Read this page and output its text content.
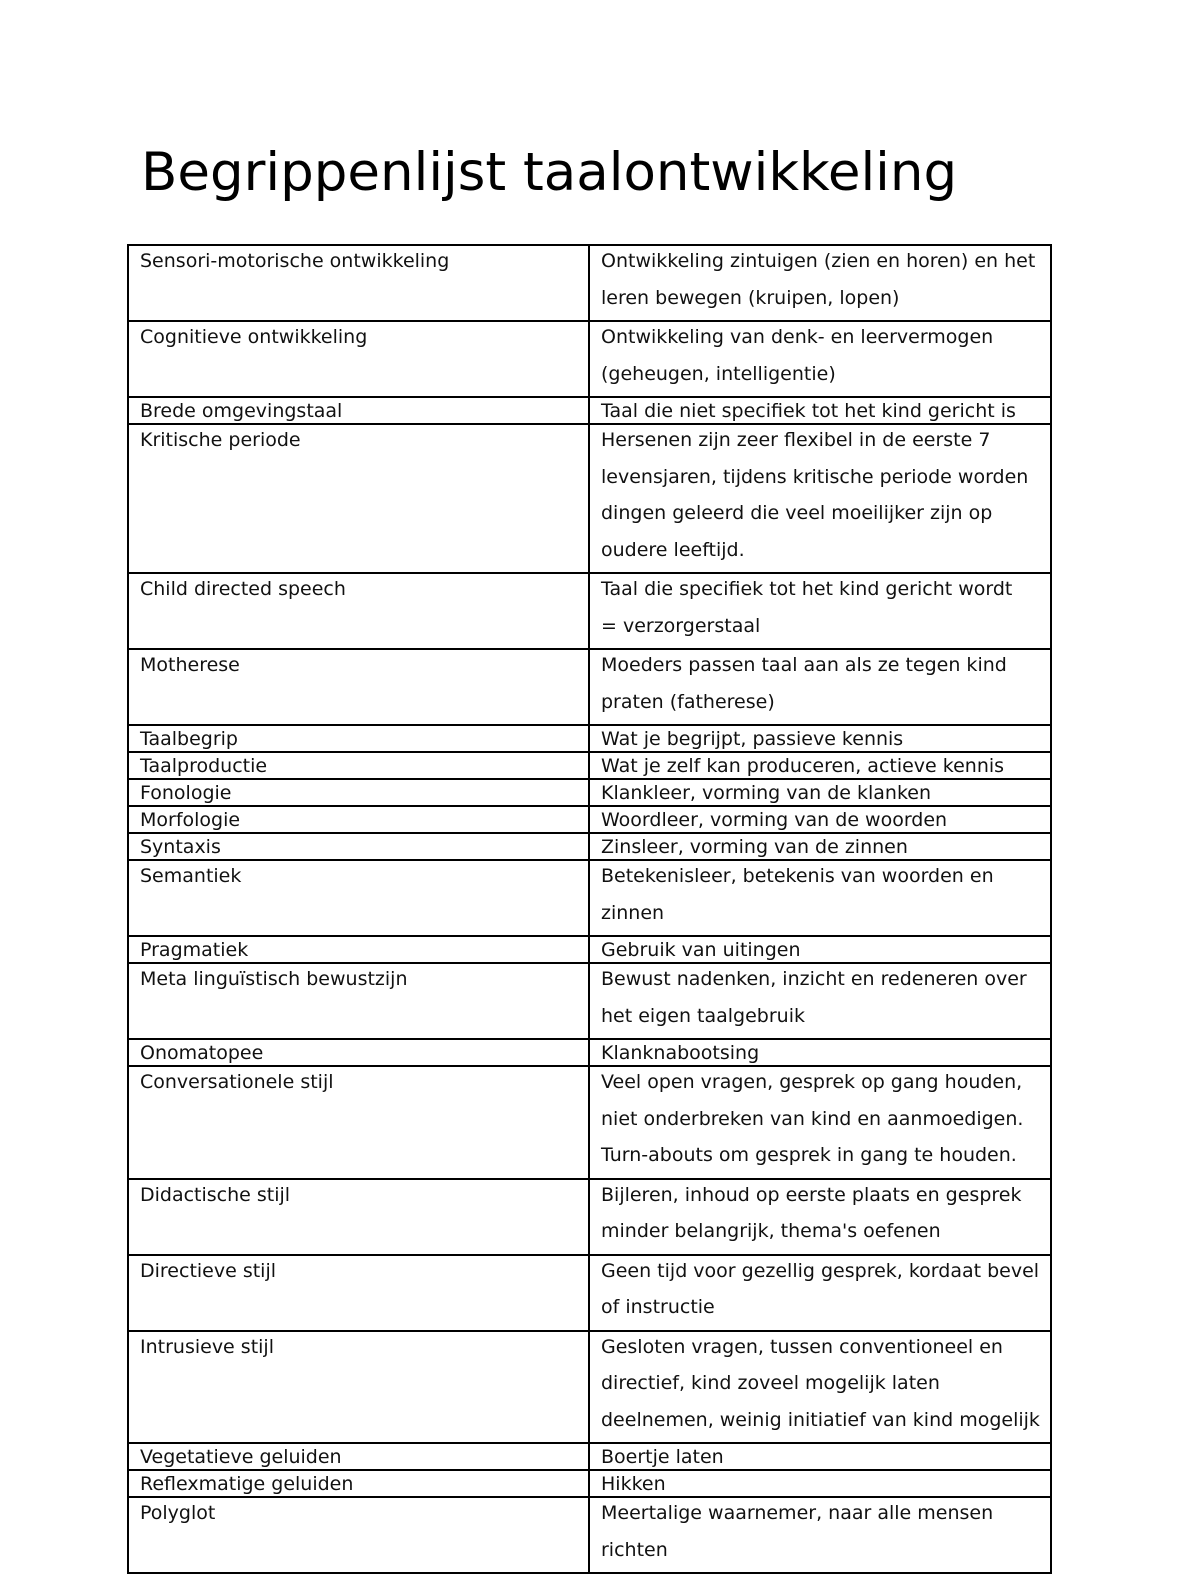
Begrippenlijst taalontwikkeling
Sensori-motorische ontwikkeling	Ontwikkeling zintuigen (zien en horen) en het
leren bewegen (kruipen, lopen)

Cognitieve ontwikkeling	Ontwikkeling van denk- en leervermogen
(geheugen, intelligentie)

Brede omgevingstaal	Taal die niet specifiek tot het kind gericht is

Kritische periode	Hersenen zijn zeer flexibel in de eerste 7
levensjaren, tijdens kritische periode worden
dingen geleerd die veel moeilijker zijn op
oudere leeftijd.

Child directed speech	Taal die specifiek tot het kind gericht wordt
= verzorgerstaal

Motherese	Moeders passen taal aan als ze tegen kind
praten (fatherese)

Taalbegrip	Wat je begrijpt, passieve kennis

Taalproductie	Wat je zelf kan produceren, actieve kennis

Fonologie	Klankleer, vorming van de klanken

Morfologie	Woordleer, vorming van de woorden

Syntaxis	Zinsleer, vorming van de zinnen

Semantiek	Betekenisleer, betekenis van woorden en
zinnen

Pragmatiek	Gebruik van uitingen

Meta linguïstisch bewustzijn	Bewust nadenken, inzicht en redeneren over
het eigen taalgebruik

Onomatopee	Klanknabootsing

Conversationele stijl	Veel open vragen, gesprek op gang houden,
niet onderbreken van kind en aanmoedigen.
Turn-abouts om gesprek in gang te houden.

Didactische stijl	Bijleren, inhoud op eerste plaats en gesprek
minder belangrijk, thema's oefenen

Directieve stijl	Geen tijd voor gezellig gesprek, kordaat bevel
of instructie

Intrusieve stijl	Gesloten vragen, tussen conventioneel en
directief, kind zoveel mogelijk laten
deelnemen, weinig initiatief van kind mogelijk

Vegetatieve geluiden	Boertje laten

Reflexmatige geluiden	Hikken

Polyglot	Meertalige waarnemer, naar alle mensen
richten
